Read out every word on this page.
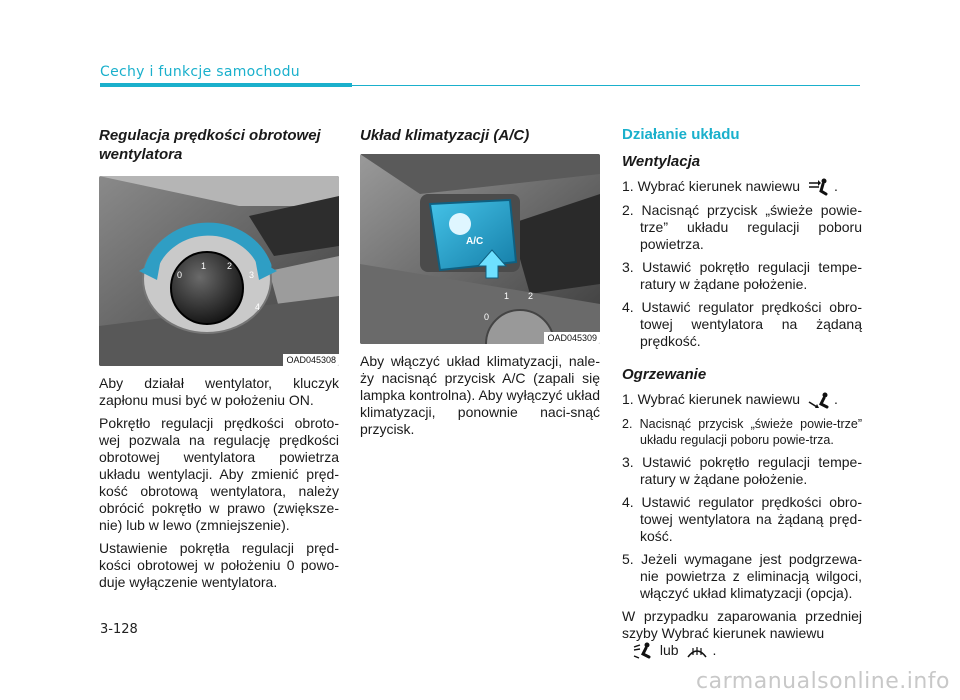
Cechy i funkcje samochodu
Regulacja prędkości obrotowej wentylatora
1 2
3
4
0
OAD045308

Aby działał wentylator, kluczyk zapłonu musi być w położeniu ON.

Pokrętło regulacji prędkości obroto-wej pozwala na regulację prędkości obrotowej wentylatora powietrza układu wentylacji. Aby zmienić pręd-kość obrotową wentylatora, należy obrócić pokrętło w prawo (zwiększe-nie) lub w lewo (zmniejszenie).

Ustawienie pokrętła regulacji pręd-kości obrotowej w położeniu 0 powo-duje wyłączenie wentylatora.

Układ klimatyzacji (A/C)
A/C
1 2
0
OAD045309

Aby włączyć układ klimatyzacji, nale-ży nacisnąć przycisk A/C (zapali się lampka kontrolna). Aby wyłączyć układ klimatyzacji, ponownie naci-snąć przycisk.

Działanie układu
Wentylacja
1. Wybrać kierunek nawiewu .
2. Nacisnąć przycisk „świeże powie-trze” układu regulacji poboru powietrza.
3. Ustawić pokrętło regulacji tempe-ratury w żądane położenie.
4. Ustawić regulator prędkości obro-towej wentylatora na żądaną prędkość.
Ogrzewanie
1. Wybrać kierunek nawiewu .
2. Nacisnąć przycisk „świeże powie-trze” układu regulacji poboru powie-trza.
3. Ustawić pokrętło regulacji tempe-ratury w żądane położenie.
4. Ustawić regulator prędkości obro-towej wentylatora na żądaną pręd-kość.
5. Jeżeli wymagane jest podgrzewa-nie powietrza z eliminacją wilgoci, włączyć układ klimatyzacji (opcja).

W przypadku zaparowania przedniej szyby Wybrać kierunek nawiewu
lub .

3-128
carmanualsonline.info
